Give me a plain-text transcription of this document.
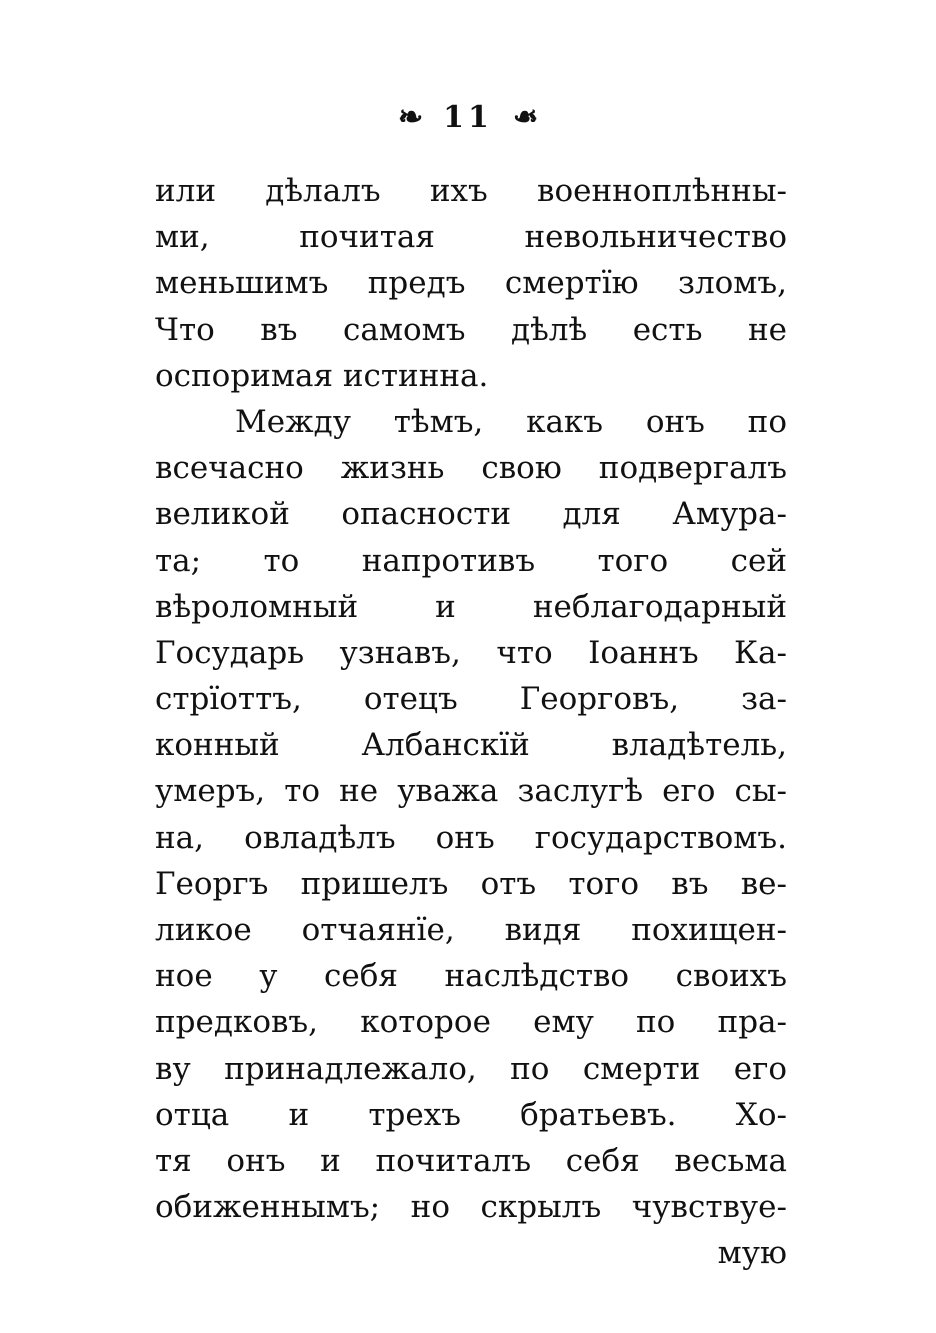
❧ 11 ❧
или дѣлалъ ихъ военноплѣнны-
ми, почитая невольничество
меньшимъ предъ смертїю зломъ,
Что въ самомъ дѣлѣ есть не
оспоримая истинна.
Между тѣмъ, какъ онъ по
всечасно жизнь свою подвергалъ
великой опасности для Амура-
та; то напротивъ того сей
вѣроломный и неблагодарный
Государь узнавъ, что Іоаннъ Ка-
стрїоттъ, отецъ Георговъ, за-
конный Албанскїй владѣтель,
умеръ, то не уважа заслугѣ его сы-
на, овладѣлъ онъ государствомъ.
Георгъ пришелъ отъ того въ ве-
ликое отчаянїе, видя похищен-
ное у себя наслѣдство своихъ
предковъ, которое ему по пра-
ву принадлежало, по смерти его
отца и трехъ братьевъ. Хо-
тя онъ и почиталъ себя весьма
обиженнымъ; но скрылъ чувствуе-
мую
